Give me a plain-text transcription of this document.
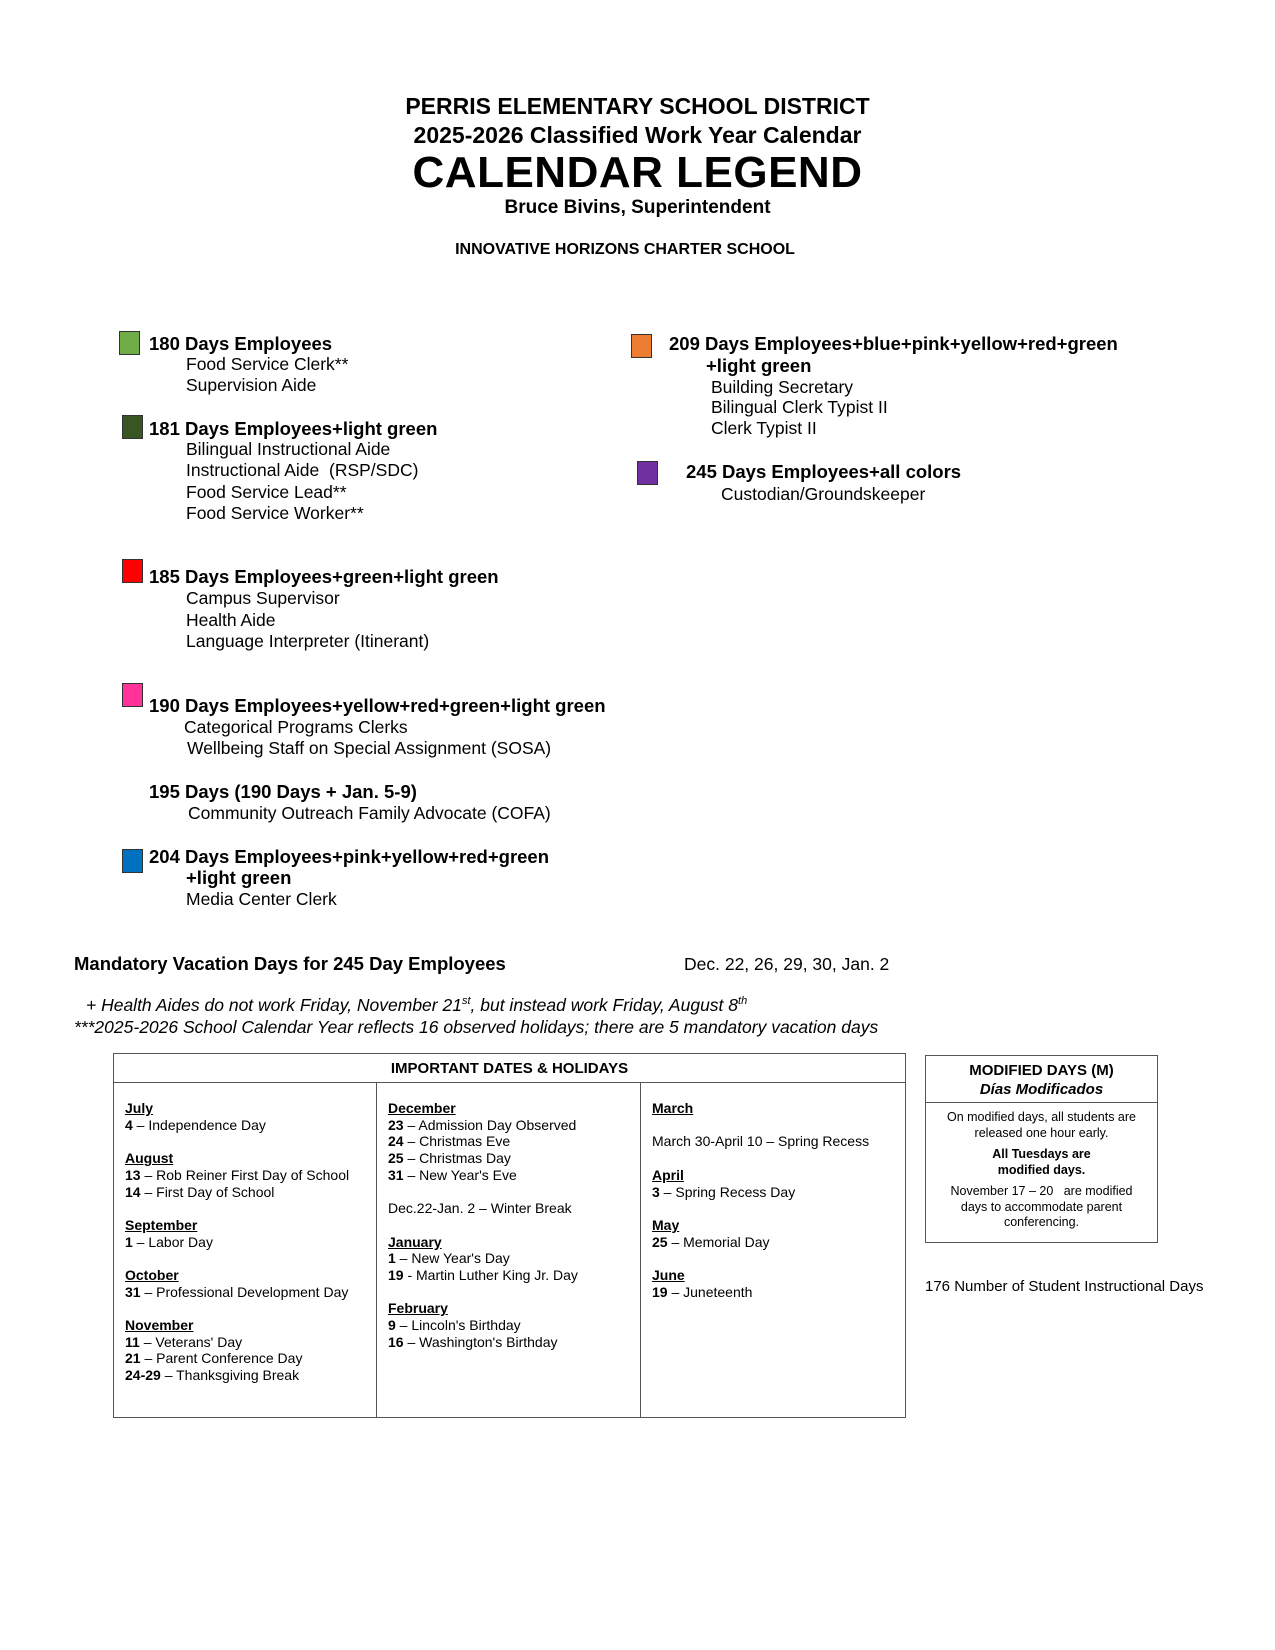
PERRIS ELEMENTARY SCHOOL DISTRICT
2025-2026 Classified Work Year Calendar
CALENDAR LEGEND
Bruce Bivins, Superintendent
INNOVATIVE HORIZONS CHARTER SCHOOL
180 Days Employees
Food Service Clerk**
Supervision Aide
181 Days Employees+light green
Bilingual Instructional Aide
Instructional Aide  (RSP/SDC)
Food Service Lead**
Food Service Worker**
185 Days Employees+green+light green
Campus Supervisor
Health Aide
Language Interpreter (Itinerant)
190 Days Employees+yellow+red+green+light green
Categorical Programs Clerks
Wellbeing Staff on Special Assignment (SOSA)
195 Days (190 Days + Jan. 5-9)
Community Outreach Family Advocate (COFA)
204 Days Employees+pink+yellow+red+green
+light green
Media Center Clerk
209 Days Employees+blue+pink+yellow+red+green
+light green
Building Secretary
Bilingual Clerk Typist II
Clerk Typist II
245 Days Employees+all colors
Custodian/Groundskeeper
Mandatory Vacation Days for 245 Day Employees	Dec. 22, 26, 29, 30, Jan. 2
+ Health Aides do not work Friday, November 21st, but instead work Friday, August 8th
***2025-2026 School Calendar Year reflects 16 observed holidays; there are 5 mandatory vacation days
IMPORTANT DATES & HOLIDAYS
July
4 – Independence Day
August
13 – Rob Reiner First Day of School
14 – First Day of School
September
1 – Labor Day
October
31 – Professional Development Day
November
11 – Veterans' Day
21 – Parent Conference Day
24-29 – Thanksgiving Break
December
23 – Admission Day Observed
24 – Christmas Eve
25 – Christmas Day
31 – New Year's Eve
Dec.22-Jan. 2 – Winter Break
January
1 – New Year's Day
19 - Martin Luther King Jr. Day
February
9 – Lincoln's Birthday
16 – Washington's Birthday
March

March 30-April 10 – Spring Recess
April
3 – Spring Recess Day
May
25 – Memorial Day
June
19 – Juneteenth
MODIFIED DAYS (M)
Días Modificados
On modified days, all students are
released one hour early.
All Tuesdays are
modified days.
November 17 – 20   are modified
days to accommodate parent
conferencing.
176 Number of Student Instructional Days
